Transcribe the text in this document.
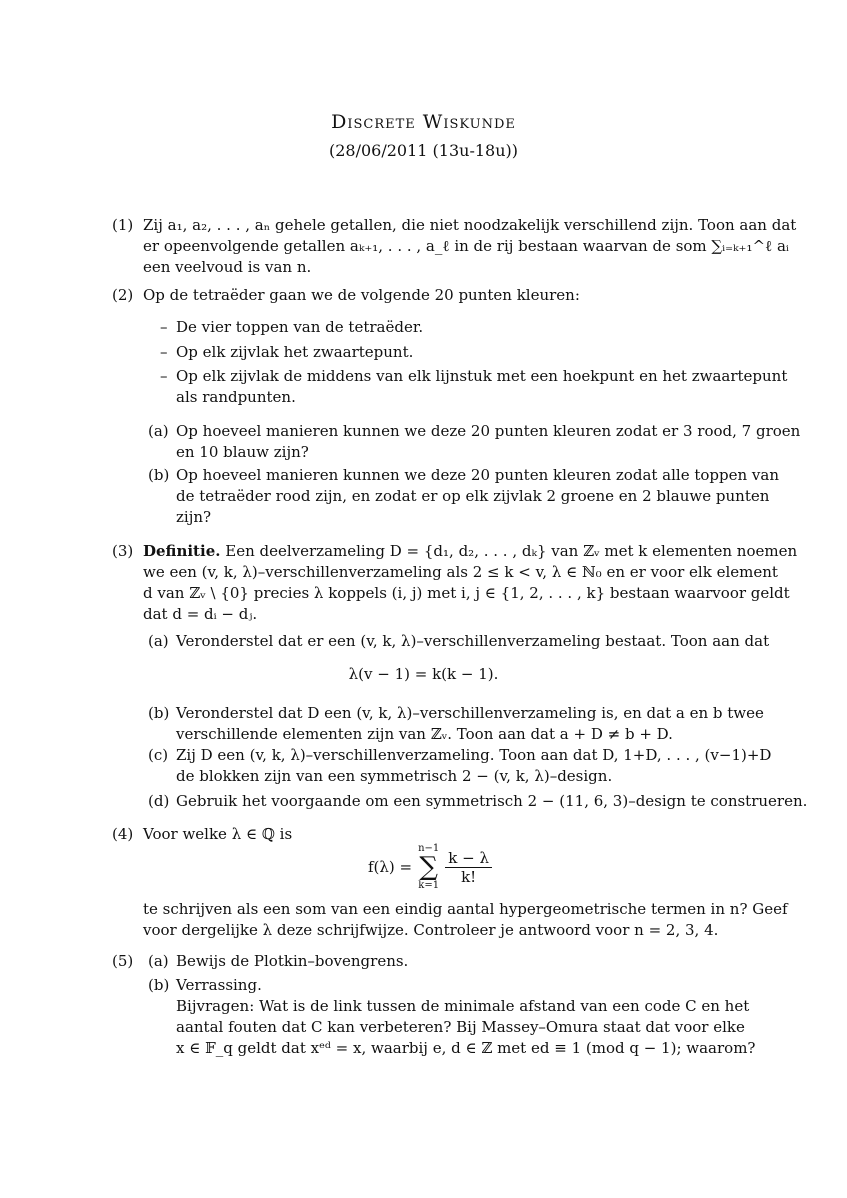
Discrete Wiskunde
(28/06/2011 (13u-18u))
(1) Zij a₁, a₂, . . . , aₙ gehele getallen, die niet noodzakelijk verschillend zijn. Toon aan dat
er opeenvolgende getallen aₖ₊₁, . . . , a_ℓ in de rij bestaan waarvan de som ∑ᵢ₌ₖ₊₁^ℓ aᵢ
een veelvoud is van n.
(2) Op de tetraëder gaan we de volgende 20 punten kleuren:
– De vier toppen van de tetraëder.
– Op elk zijvlak het zwaartepunt.
– Op elk zijvlak de middens van elk lijnstuk met een hoekpunt en het zwaartepunt
als randpunten.
(a) Op hoeveel manieren kunnen we deze 20 punten kleuren zodat er 3 rood, 7 groen
en 10 blauw zijn?
(b) Op hoeveel manieren kunnen we deze 20 punten kleuren zodat alle toppen van
de tetraëder rood zijn, en zodat er op elk zijvlak 2 groene en 2 blauwe punten
zijn?
(3) Definitie. Een deelverzameling D = {d₁, d₂, . . . , dₖ} van ℤᵥ met k elementen noemen
we een (v, k, λ)–verschillenverzameling als 2 ≤ k < v, λ ∈ ℕ₀ en er voor elk element
d van ℤᵥ \ {0} precies λ koppels (i, j) met i, j ∈ {1, 2, . . . , k} bestaan waarvoor geldt
dat d = dᵢ − dⱼ.
(a) Veronderstel dat er een (v, k, λ)–verschillenverzameling bestaat. Toon aan dat
λ(v − 1) = k(k − 1).
(b) Veronderstel dat D een (v, k, λ)–verschillenverzameling is, en dat a en b twee
verschillende elementen zijn van ℤᵥ. Toon aan dat a + D ≠ b + D.
(c) Zij D een (v, k, λ)–verschillenverzameling. Toon aan dat D, 1+D, . . . , (v−1)+D
de blokken zijn van een symmetrisch 2 − (v, k, λ)–design.
(d) Gebruik het voorgaande om een symmetrisch 2 − (11, 6, 3)–design te construeren.
(4) Voor welke λ ∈ ℚ is
f(λ) =
n−1
∑
$k=1 \frac{k - \lambda}{k!}$
te schrijven als een som van een eindig aantal hypergeometrische termen in n? Geef
voor dergelijke λ deze schrijfwijze. Controleer je antwoord voor n = 2, 3, 4.
(5) (a) Bewijs de Plotkin–bovengrens.
(b) Verrassing.
Bijvragen: Wat is de link tussen de minimale afstand van een code C en het
aantal fouten dat C kan verbeteren? Bij Massey–Omura staat dat voor elke
x ∈ 𝔽_q geldt dat xᵉᵈ = x, waarbij e, d ∈ ℤ met ed ≡ 1 (mod q − 1); waarom?
